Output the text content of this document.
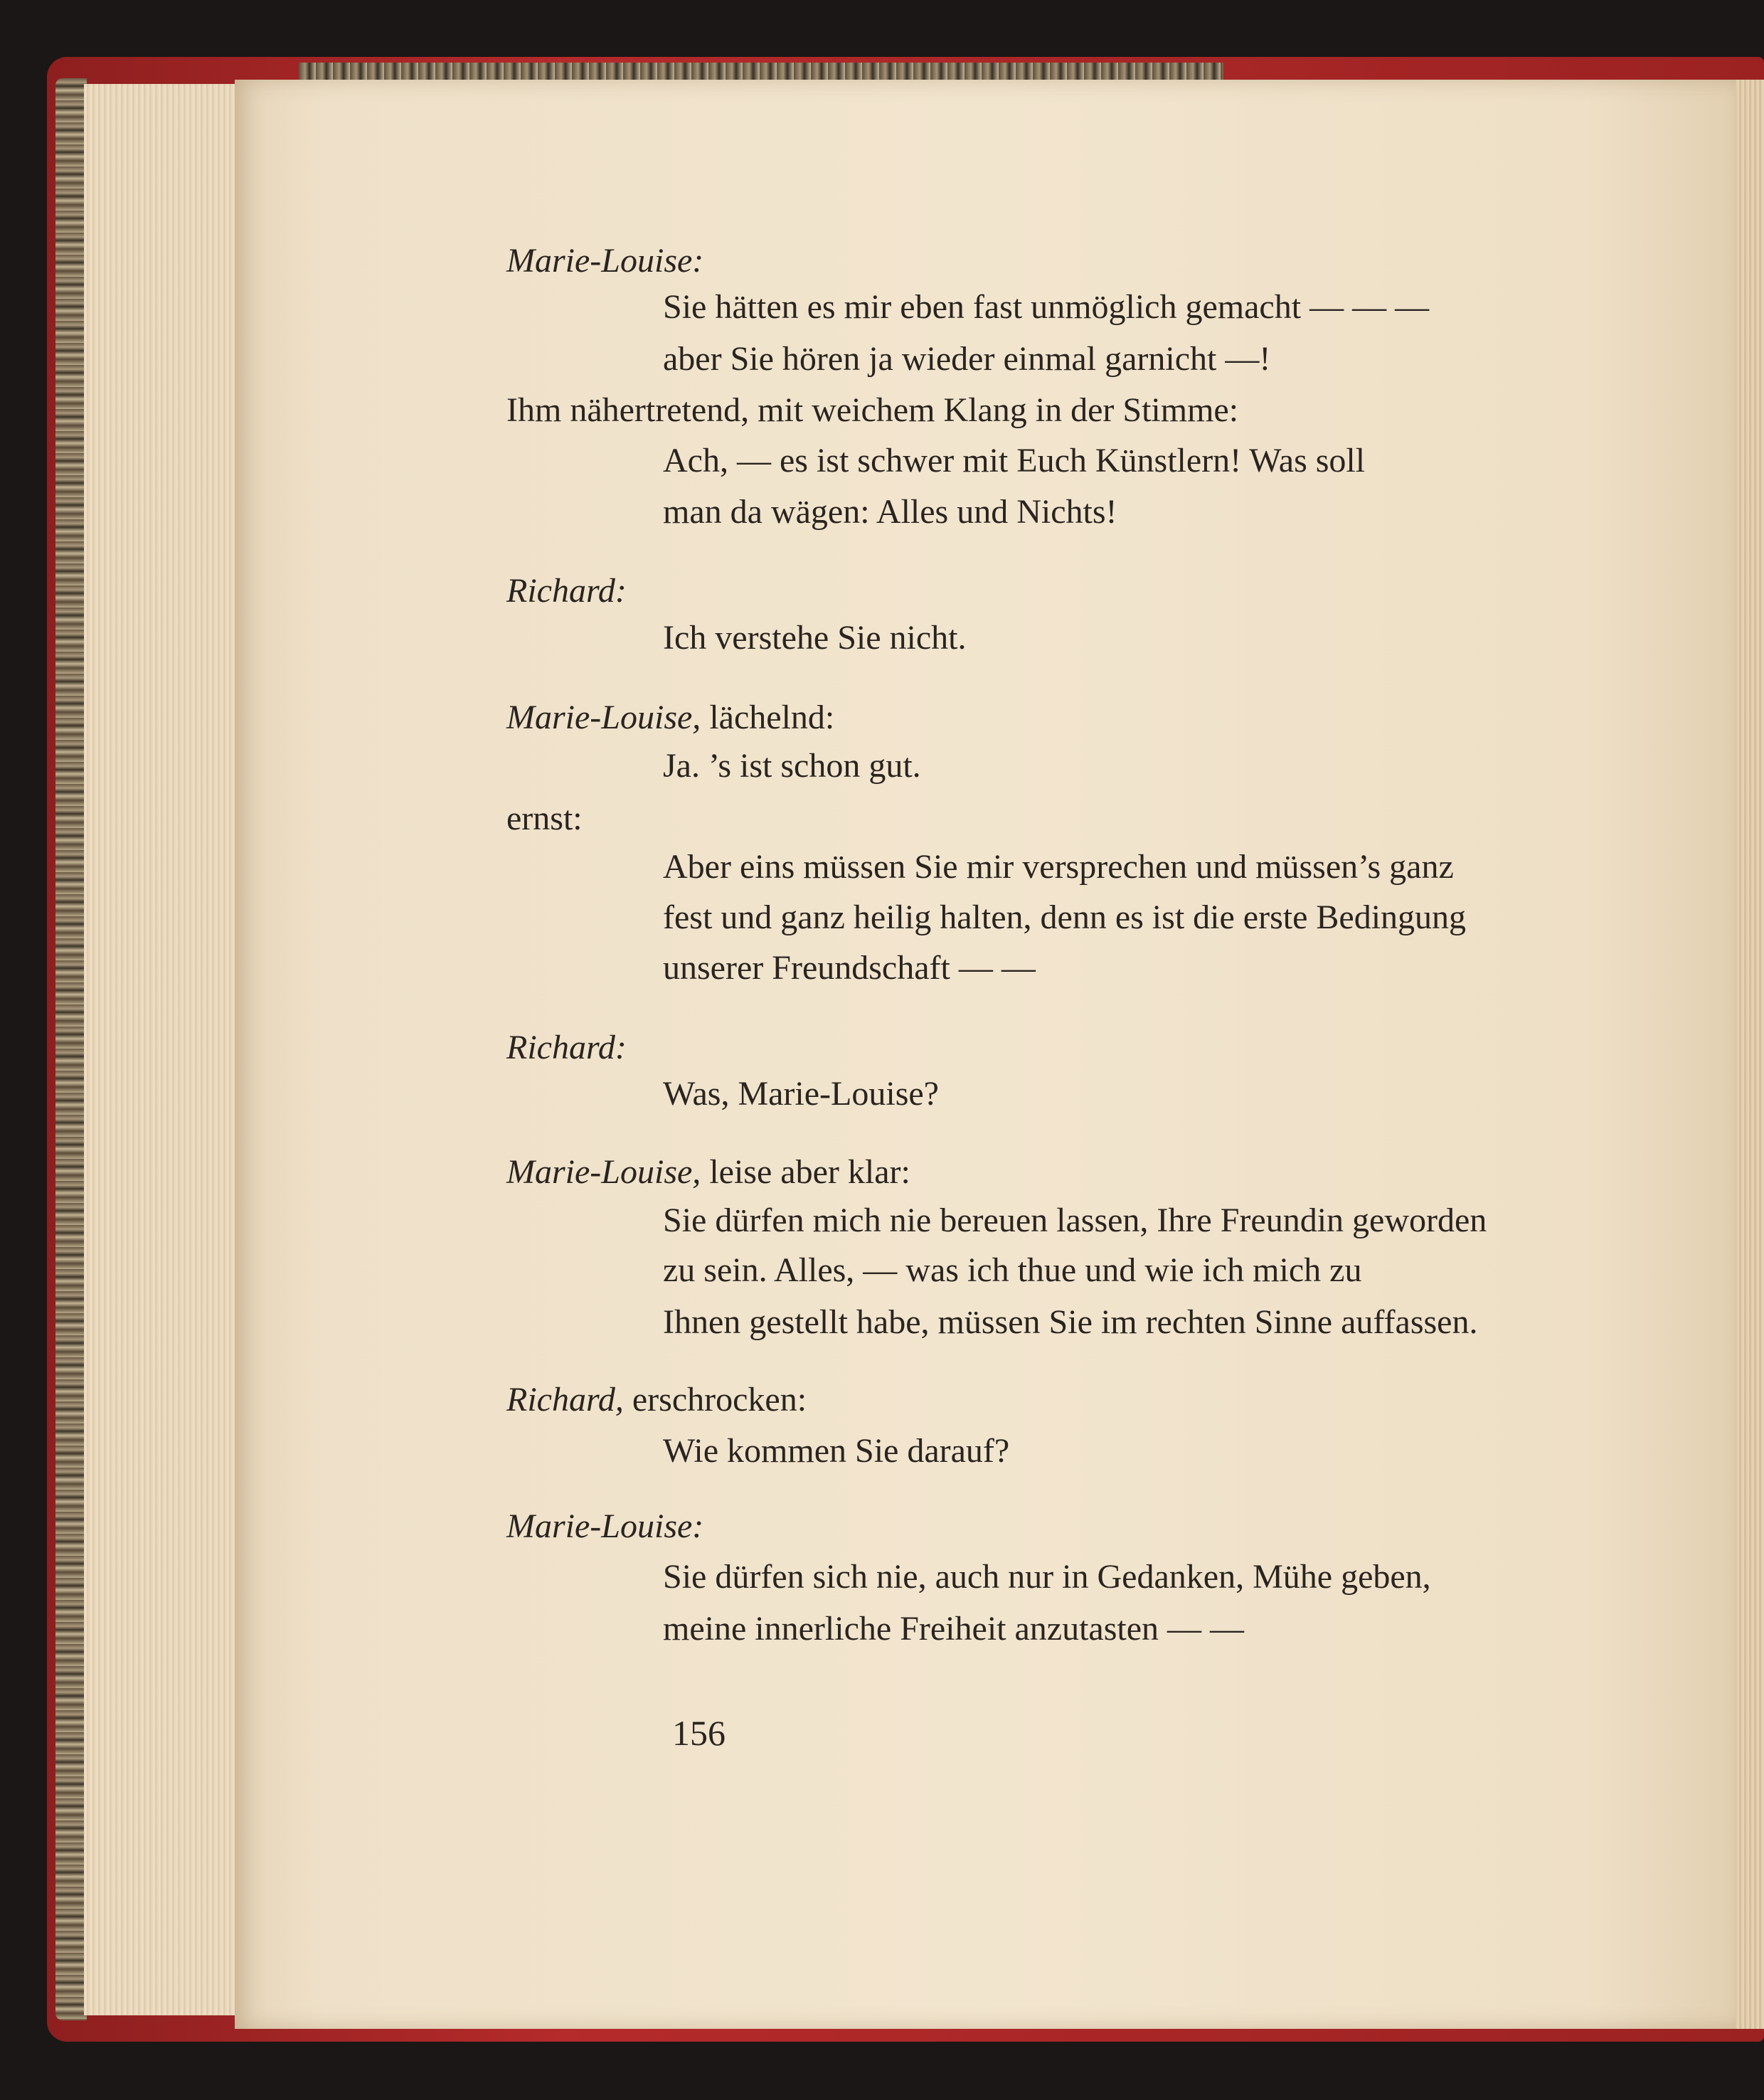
Marie-Louise:
Sie hätten es mir eben fast unmöglich gemacht — — —
aber Sie hören ja wieder einmal garnicht —!
Ihm nähertretend, mit weichem Klang in der Stimme:
Ach, — es ist schwer mit Euch Künstlern! Was soll
man da wägen: Alles und Nichts!
Richard:
Ich verstehe Sie nicht.
Marie-Louise, lächelnd:
Ja. ’s ist schon gut.
ernst:
Aber eins müssen Sie mir versprechen und müssen’s ganz
fest und ganz heilig halten, denn es ist die erste Bedingung
unserer Freundschaft — —
Richard:
Was, Marie-Louise?
Marie-Louise, leise aber klar:
Sie dürfen mich nie bereuen lassen, Ihre Freundin geworden
zu sein. Alles, — was ich thue und wie ich mich zu
Ihnen gestellt habe, müssen Sie im rechten Sinne auffassen.
Richard, erschrocken:
Wie kommen Sie darauf?
Marie-Louise:
Sie dürfen sich nie, auch nur in Gedanken, Mühe geben,
meine innerliche Freiheit anzutasten — —
156
